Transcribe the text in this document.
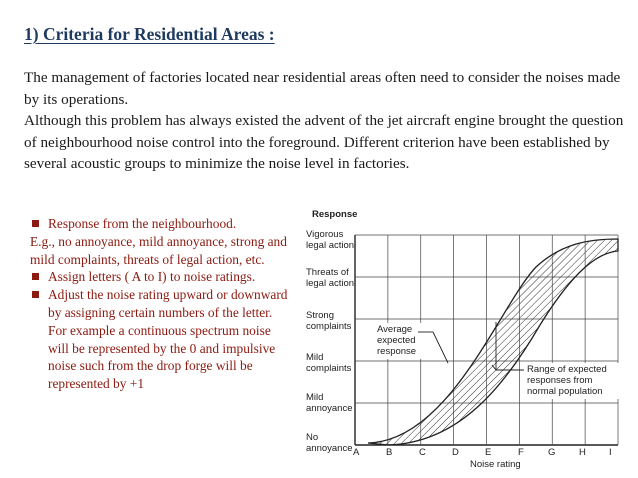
1) Criteria for Residential Areas :

The management of factories located near residential areas often need to consider the noises made by its operations.

Although this problem has always existed the advent of the jet aircraft engine brought the question of neighbourhood noise control into the foreground. Different criterion have been established by several acoustic groups to minimize the noise level in factories.

Response from the neighbourhood.
E.g., no annoyance, mild annoyance, strong and mild complaints, threats of legal action, etc.
Assign letters ( A to I) to noise ratings.
Adjust the noise rating upward or downward by assigning certain numbers of the letter. For example a continuous spectrum noise will be represented by the 0 and impulsive noise such from the drop forge will be represented by +1
Response
Vigorous
legal action
Threats of
legal action
Strong
complaints
Mild
complaints
Mild
annoyance
No
annoyance A	B	C	D	E	F	G H I
Noise rating
Average
expected
response
Range of expected
responses from
normal population
